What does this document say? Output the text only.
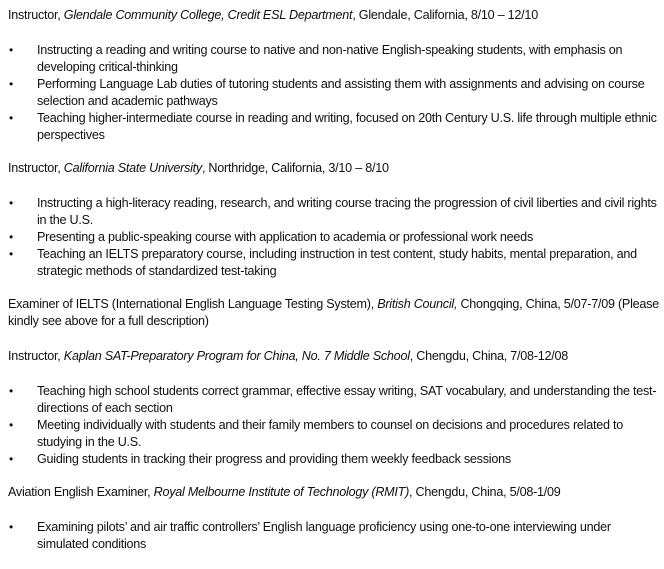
Instructor, Glendale Community College, Credit ESL Department, Glendale, California, 8/10 – 12/10

• Instructing a reading and writing course to native and non-native English-speaking students, with emphasis on developing critical-thinking
• Performing Language Lab duties of tutoring students and assisting them with assignments and advising on course selection and academic pathways
• Teaching higher-intermediate course in reading and writing, focused on 20th Century U.S. life through multiple ethnic perspectives

Instructor, California State University, Northridge, California, 3/10 – 8/10

• Instructing a high-literacy reading, research, and writing course tracing the progression of civil liberties and civil rights in the U.S.
• Presenting a public-speaking course with application to academia or professional work needs
• Teaching an IELTS preparatory course, including instruction in test content, study habits, mental preparation, and strategic methods of standardized test-taking

Examiner of IELTS (International English Language Testing System), British Council, Chongqing, China, 5/07-7/09 (Please kindly see above for a full description)

Instructor, Kaplan SAT-Preparatory Program for China, No. 7 Middle School, Chengdu, China, 7/08-12/08

• Teaching high school students correct grammar, effective essay writing, SAT vocabulary, and understanding the test-directions of each section
• Meeting individually with students and their family members to counsel on decisions and procedures related to studying in the U.S.
• Guiding students in tracking their progress and providing them weekly feedback sessions

Aviation English Examiner, Royal Melbourne Institute of Technology (RMIT), Chengdu, China, 5/08-1/09

• Examining pilots’ and air traffic controllers’ English language proficiency using one-to-one interviewing under simulated conditions
